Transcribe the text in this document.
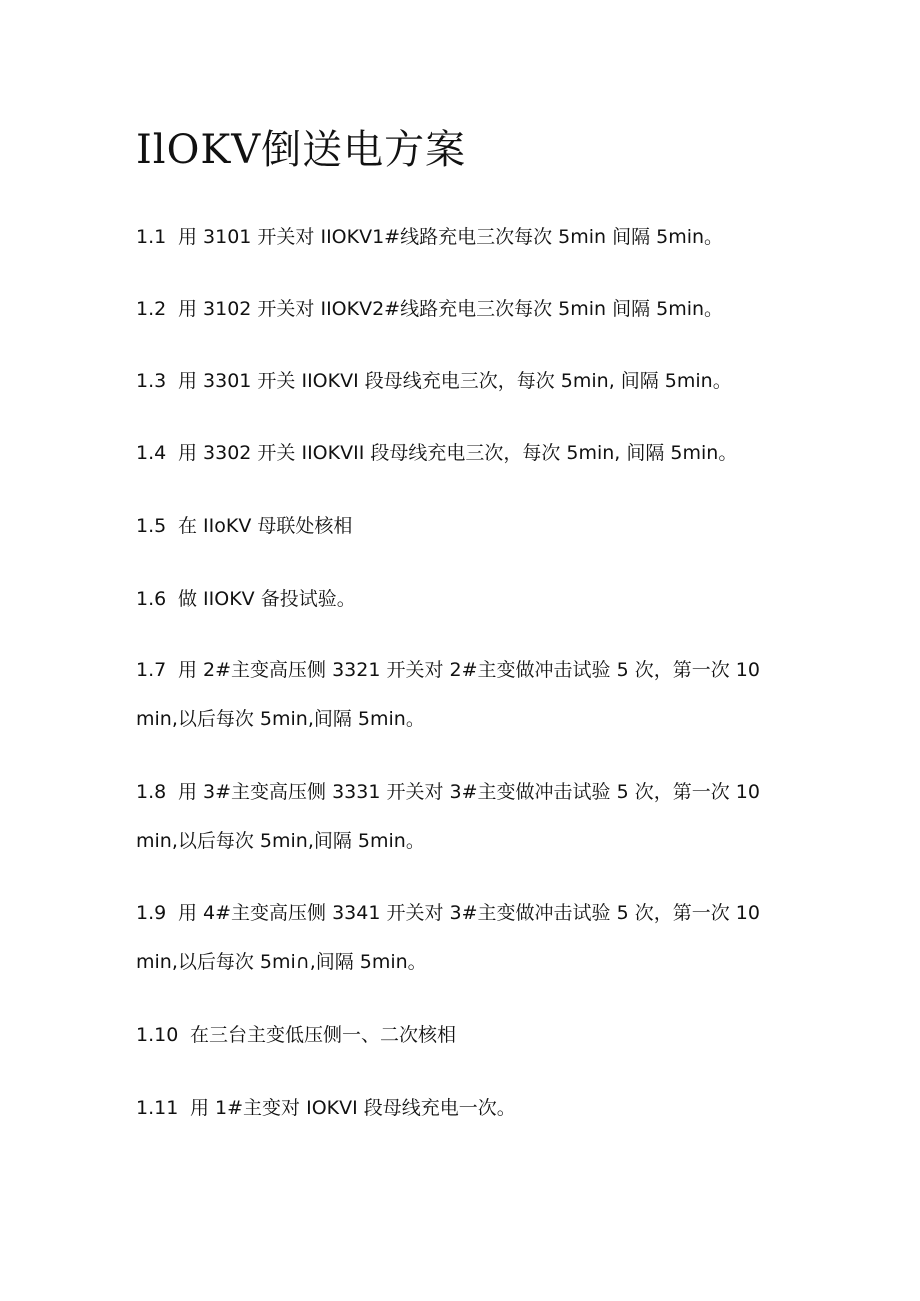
IlOKV倒送电方案

1.1 用 3101 开关对 IIOKV1#线路充电三次每次 5min 间隔 5min。

1.2 用 3102 开关对 IIOKV2#线路充电三次每次 5min 间隔 5min。

1.3 用 3301 开关 IIOKVI 段母线充电三次，每次 5min, 间隔 5min。

1.4 用 3302 开关 IIOKVII 段母线充电三次，每次 5min, 间隔 5min。

1.5 在 IIoKV 母联处核相

1.6 做 IIOKV 备投试验。

1.7 用 2#主变高压侧 3321 开关对 2#主变做冲击试验 5 次，第一次 10
min,以后每次 5min,间隔 5min。

1.8 用 3#主变高压侧 3331 开关对 3#主变做冲击试验 5 次，第一次 10
min,以后每次 5min,间隔 5min。

1.9 用 4#主变高压侧 3341 开关对 3#主变做冲击试验 5 次，第一次 10
min,以后每次 5mi∩,间隔 5min。

1.10 在三台主变低压侧一、二次核相

1.11 用 1#主变对 IOKVI 段母线充电一次。
